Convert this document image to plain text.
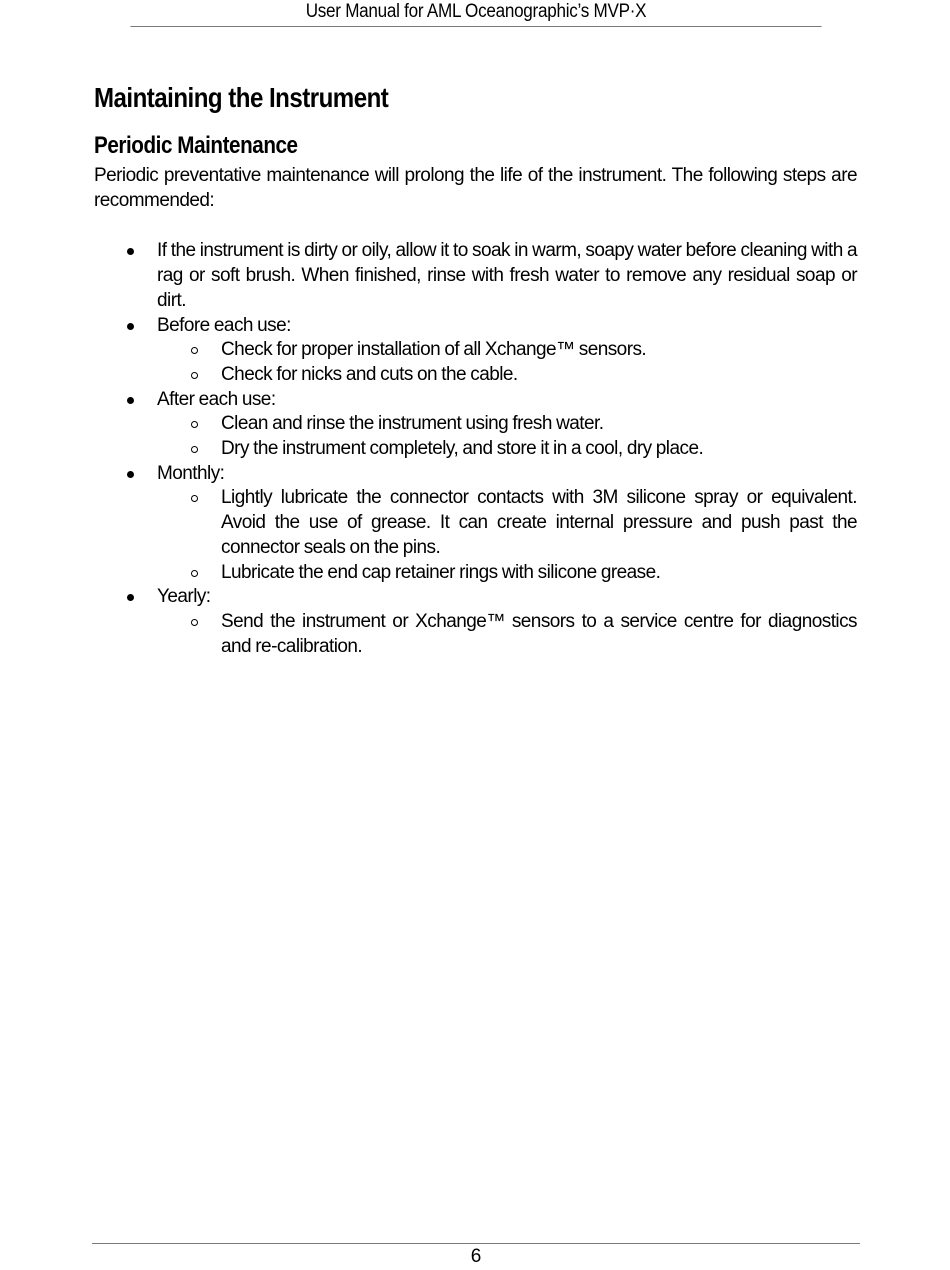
User Manual for AML Oceanographic’s MVP·X
Maintaining the Instrument
Periodic Maintenance

Periodic preventative maintenance will prolong the life of the instrument. The following steps are recommended:

If the instrument is dirty or oily, allow it to soak in warm, soapy water before cleaning with a rag or soft brush. When finished, rinse with fresh water to remove any residual soap or dirt.
Before each use:
Check for proper installation of all Xchange™ sensors.
Check for nicks and cuts on the cable.
After each use:
Clean and rinse the instrument using fresh water.
Dry the instrument completely, and store it in a cool, dry place.
Monthly:
Lightly lubricate the connector contacts with 3M silicone spray or equivalent. Avoid the use of grease. It can create internal pressure and push past the connector seals on the pins.
Lubricate the end cap retainer rings with silicone grease.
Yearly:
Send the instrument or Xchange™ sensors to a service centre for diagnostics and re-calibration.
6
